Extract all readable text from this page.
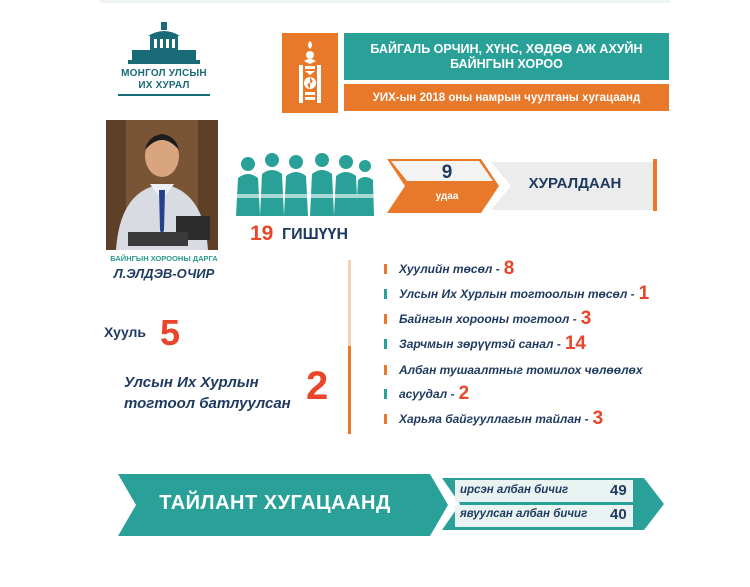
МОНГОЛ УЛСЫН
ИХ ХУРАЛ
БАЙГАЛЬ ОРЧИН, ХҮНС, ХӨДӨӨ АЖ АХУЙН БАЙНГЫН ХОРОО
УИХ-ын 2018 оны намрын чуулганы хугацаанд
БАЙНГЫН ХОРООНЫ ДАРГА
Л.ЭЛДЭВ-ОЧИР
19 ГИШҮҮН
9
удаа
ХУРАЛДААН
Хууль 5
Улсын Их Хурлын
тогтоол батлуулсан 2
Хуулийн төсөл - 8
Улсын Их Хурлын тогтоолын төсөл - 1
Байнгын хорооны тогтоол - 3
Зарчмын зөрүүтэй санал - 14
Албан тушаалтныг томилох чөлөөлөх
асуудал - 2
Харьяа байгууллагын тайлан - 3
ТАЙЛАНТ ХУГАЦААНД
ирсэн албан бичиг	49
явуулсан албан бичиг 40
